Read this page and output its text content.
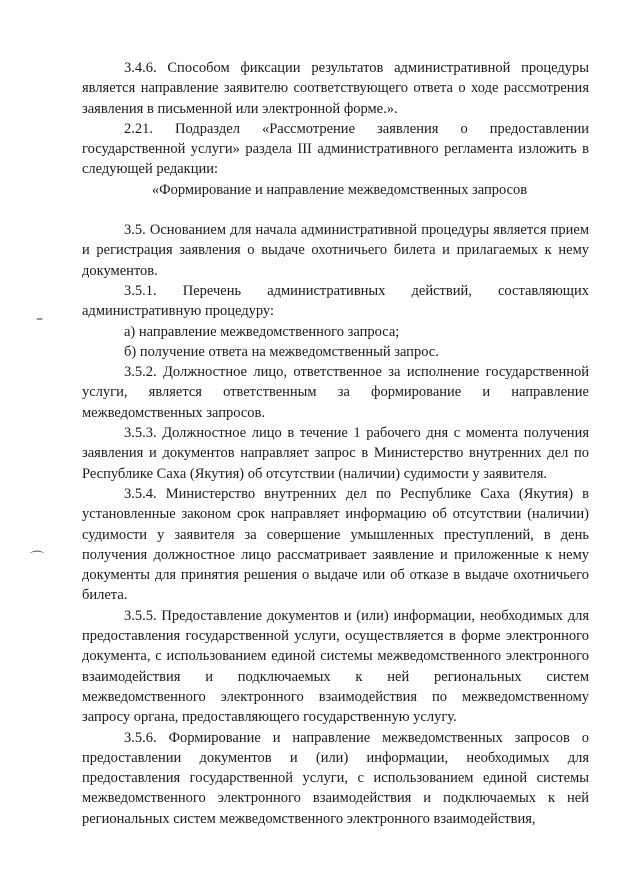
–
⌒

3.4.6. Способом фиксации результатов административной процедуры является направление заявителю соответствующего ответа о ходе рассмотрения заявления в письменной или электронной форме.».

2.21. Подраздел «Рассмотрение заявления о предоставлении государственной услуги» раздела III административного регламента изложить в следующей редакции:

«Формирование и направление межведомственных запросов

3.5. Основанием для начала административной процедуры является прием и регистрация заявления о выдаче охотничьего билета и прилагаемых к нему документов.

3.5.1. Перечень административных действий, составляющих административную процедуру:

а) направление межведомственного запроса;

б) получение ответа на межведомственный запрос.

3.5.2. Должностное лицо, ответственное за исполнение государственной услуги, является ответственным за формирование и направление межведомственных запросов.

3.5.3. Должностное лицо в течение 1 рабочего дня с момента получения заявления и документов направляет запрос в Министерство внутренних дел по Республике Саха (Якутия) об отсутствии (наличии) судимости у заявителя.

3.5.4. Министерство внутренних дел по Республике Саха (Якутия) в установленные законом срок направляет информацию об отсутствии (наличии) судимости у заявителя за совершение умышленных преступлений, в день получения должностное лицо рассматривает заявление и приложенные к нему документы для принятия решения о выдаче или об отказе в выдаче охотничьего билета.

3.5.5. Предоставление документов и (или) информации, необходимых для предоставления государственной услуги, осуществляется в форме электронного документа, с использованием единой системы межведомственного электронного взаимодействия и подключаемых к ней региональных систем межведомственного электронного взаимодействия по межведомственному запросу органа, предоставляющего государственную услугу.

3.5.6. Формирование и направление межведомственных запросов о предоставлении документов и (или) информации, необходимых для предоставления государственной услуги, с использованием единой системы межведомственного электронного взаимодействия и подключаемых к ней региональных систем межведомственного электронного взаимодействия,
